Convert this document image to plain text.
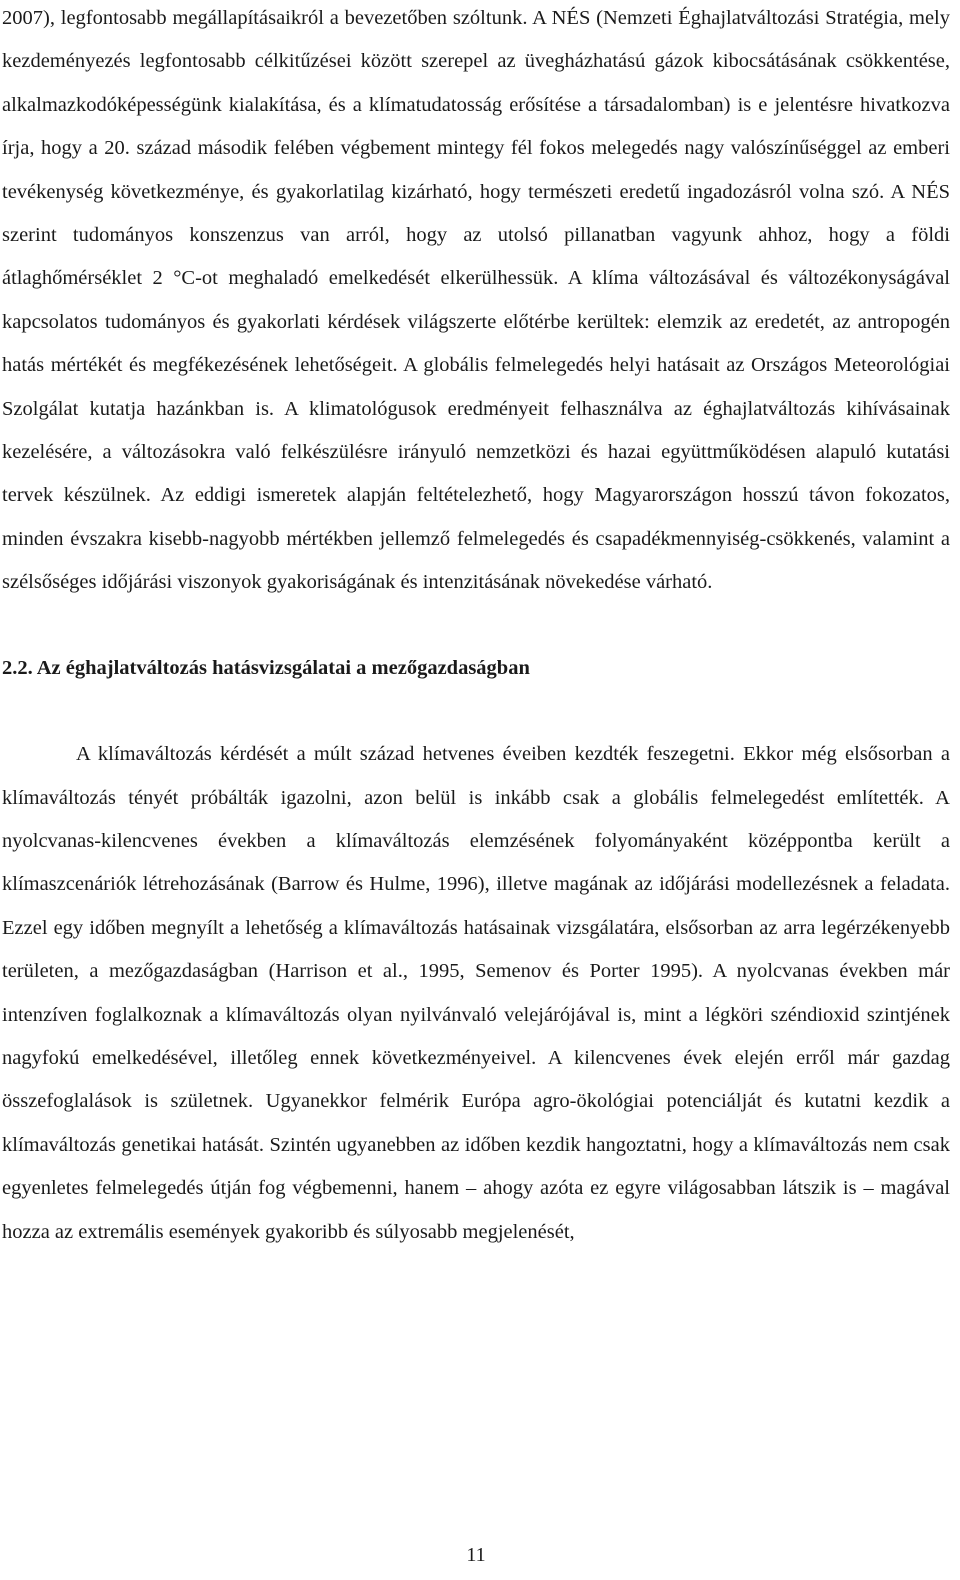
2007), legfontosabb megállapításaikról a bevezetőben szóltunk. A NÉS (Nemzeti Éghajlatváltozási Stratégia, mely kezdeményezés legfontosabb célkitűzései között szerepel az üvegházhatású gázok kibocsátásának csökkentése, alkalmazkodóképességünk kialakítása, és a klímatudatosság erősítése a társadalomban) is e jelentésre hivatkozva írja, hogy a 20. század második felében végbement mintegy fél fokos melegedés nagy valószínűséggel az emberi tevékenység következménye, és gyakorlatilag kizárható, hogy természeti eredetű ingadozásról volna szó. A NÉS szerint tudományos konszenzus van arról, hogy az utolsó pillanatban vagyunk ahhoz, hogy a földi átlaghőmérséklet 2 °C-ot meghaladó emelkedését elkerülhessük. A klíma változásával és változékonyságával kapcsolatos tudományos és gyakorlati kérdések világszerte előtérbe kerültek: elemzik az eredetét, az antropogén hatás mértékét és megfékezésének lehetőségeit. A globális felmelegedés helyi hatásait az Országos Meteorológiai Szolgálat kutatja hazánkban is. A klimatológusok eredményeit felhasználva az éghajlatváltozás kihívásainak kezelésére, a változásokra való felkészülésre irányuló nemzetközi és hazai együttműködésen alapuló kutatási tervek készülnek. Az eddigi ismeretek alapján feltételezhető, hogy Magyarországon hosszú távon fokozatos, minden évszakra kisebb-nagyobb mértékben jellemző felmelegedés és csapadékmennyiség-csökkenés, valamint a szélsőséges időjárási viszonyok gyakoriságának és intenzitásának növekedése várható.

2.2. Az éghajlatváltozás hatásvizsgálatai a mezőgazdaságban

A klímaváltozás kérdését a múlt század hetvenes éveiben kezdték feszegetni. Ekkor még elsősorban a klímaváltozás tényét próbálták igazolni, azon belül is inkább csak a globális felmelegedést említették. A nyolcvanas-kilencvenes években a klímaváltozás elemzésének folyományaként középpontba került a klímaszcenáriók létrehozásának (Barrow és Hulme, 1996), illetve magának az időjárási modellezésnek a feladata. Ezzel egy időben megnyílt a lehetőség a klímaváltozás hatásainak vizsgálatára, elsősorban az arra legérzékenyebb területen, a mezőgazdaságban (Harrison et al., 1995, Semenov és Porter 1995). A nyolcvanas években már intenzíven foglalkoznak a klímaváltozás olyan nyilvánvaló velejárójával is, mint a légköri széndioxid szintjének nagyfokú emelkedésével, illetőleg ennek következményeivel. A kilencvenes évek elején erről már gazdag összefoglalások is születnek. Ugyanekkor felmérik Európa agro-ökológiai potenciálját és kutatni kezdik a klímaváltozás genetikai hatását. Szintén ugyanebben az időben kezdik hangoztatni, hogy a klímaváltozás nem csak egyenletes felmelegedés útján fog végbemenni, hanem – ahogy azóta ez egyre világosabban látszik is – magával hozza az extremális események gyakoribb és súlyosabb megjelenését,

11
